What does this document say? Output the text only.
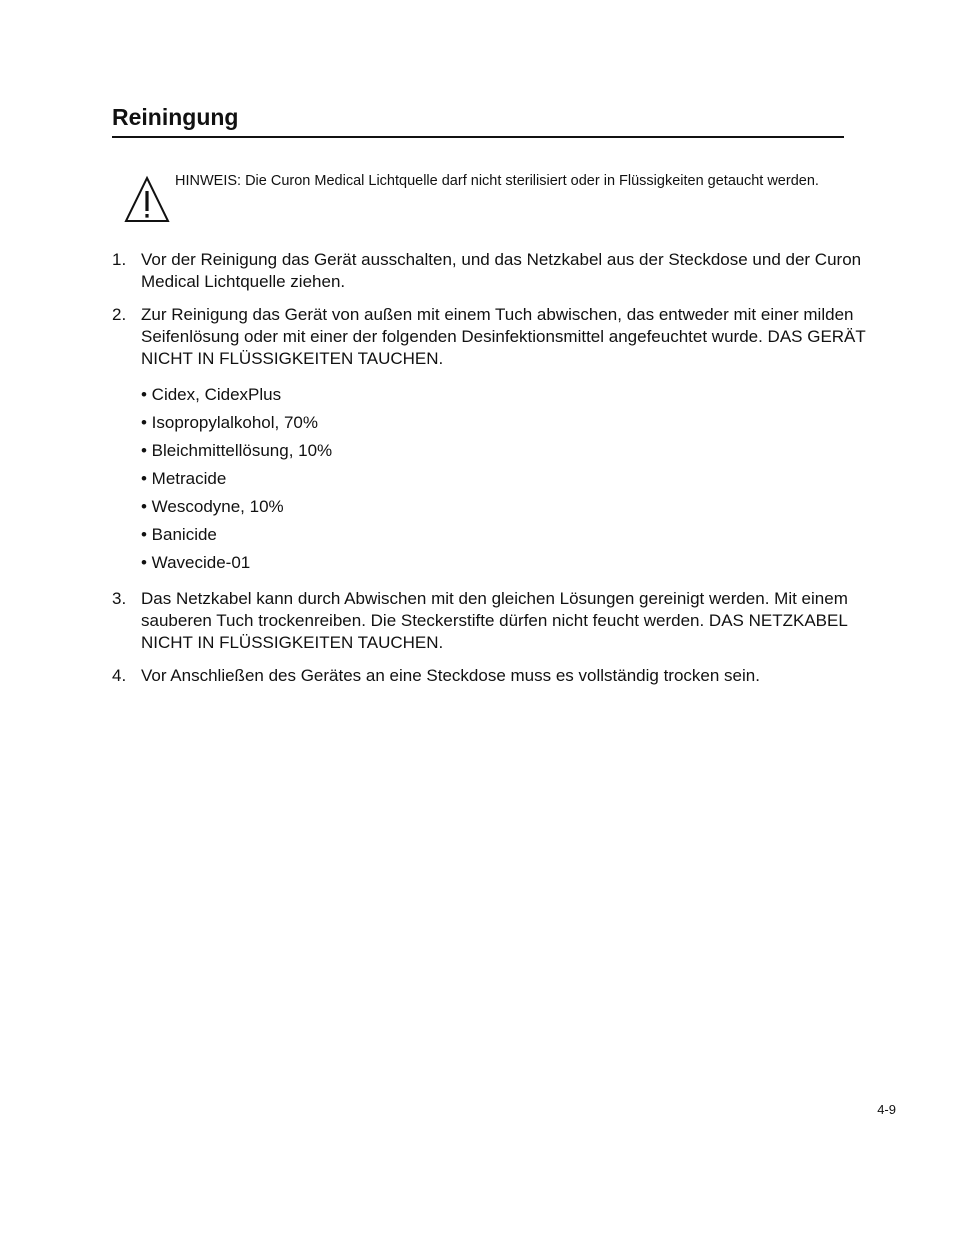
Reiningung
HINWEIS: Die Curon Medical Lichtquelle darf nicht sterilisiert oder in Flüssigkeiten getaucht werden.
1. Vor der Reinigung das Gerät ausschalten, und das Netzkabel aus der Steckdose und der Curon Medical Lichtquelle ziehen.
2. Zur Reinigung das Gerät von außen mit einem Tuch abwischen, das entweder mit einer milden Seifenlösung oder mit einer der folgenden Desinfektionsmittel angefeuchtet wurde. DAS GERÄT NICHT IN FLÜSSIGKEITEN TAUCHEN.
• Cidex, CidexPlus
• Isopropylalkohol, 70%
• Bleichmittellösung, 10%
• Metracide
• Wescodyne, 10%
• Banicide
• Wavecide-01
3. Das Netzkabel kann durch Abwischen mit den gleichen Lösungen gereinigt werden. Mit einem sauberen Tuch trockenreiben. Die Steckerstifte dürfen nicht feucht werden. DAS NETZKABEL NICHT IN FLÜSSIGKEITEN TAUCHEN.
4. Vor Anschließen des Gerätes an eine Steckdose muss es vollständig trocken sein.
4-9
